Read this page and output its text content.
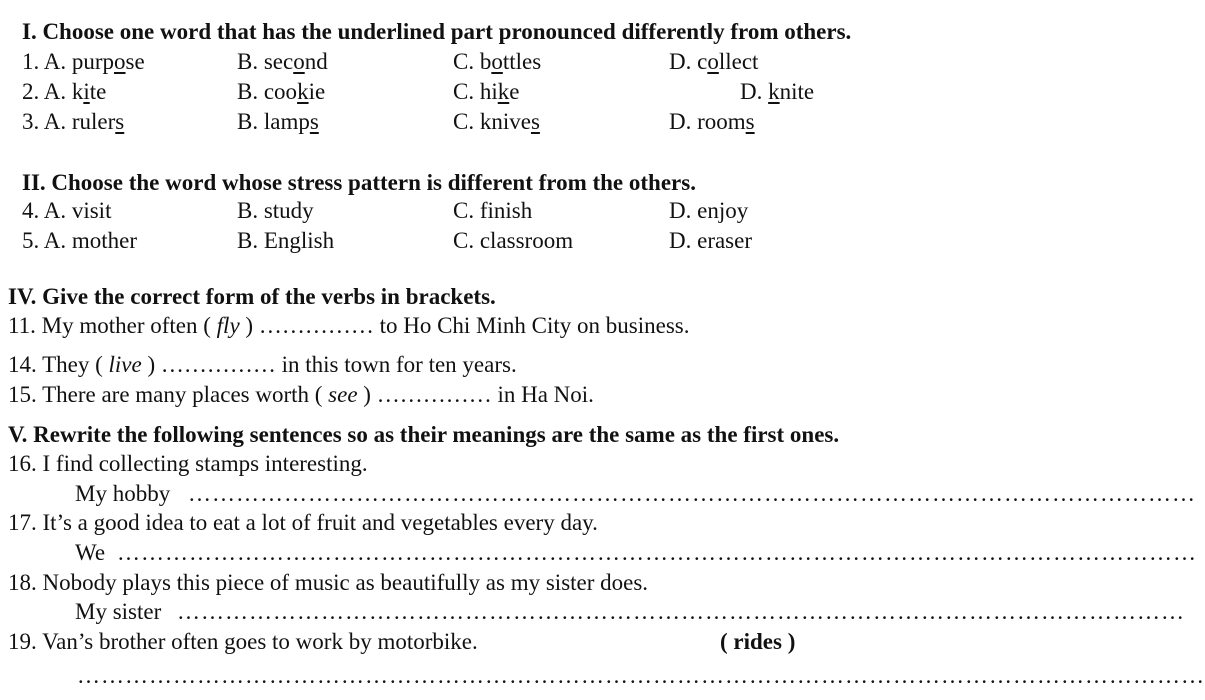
I. Choose one word that has the underlined part pronounced differently from others.
1. A. purpose	B. second	C. bottles	D. collect
2. A. kite	B. cookie	C. hike	D. knite
3. A. rulers	B. lamps	C. knives	D. rooms
II. Choose the word whose stress pattern is different from the others.
4. A. visit	B. study	C. finish	D. enjoy
5. A. mother	B. English	C. classroom	D. eraser
IV. Give the correct form of the verbs in brackets.
11. My mother often ( fly ) …………… to Ho Chi Minh City on business.
14. They ( live ) …………… in this town for ten years.
15. There are many places worth ( see ) …………… in Ha Noi.
V. Rewrite the following sentences so as their meanings are the same as the first ones.
16. I find collecting stamps interesting.
My hobby ………………………………………………………………………………………………………………
17. It’s a good idea to eat a lot of fruit and vegetables every day.
We ………………………………………………………………………………………………………………………
18. Nobody plays this piece of music as beautifully as my sister does.
My sister ………………………………………………………………………………………………………………
19. Van’s brother often goes to work by motorbike.	( rides )
……………………………………………………………………………………………………………………………
